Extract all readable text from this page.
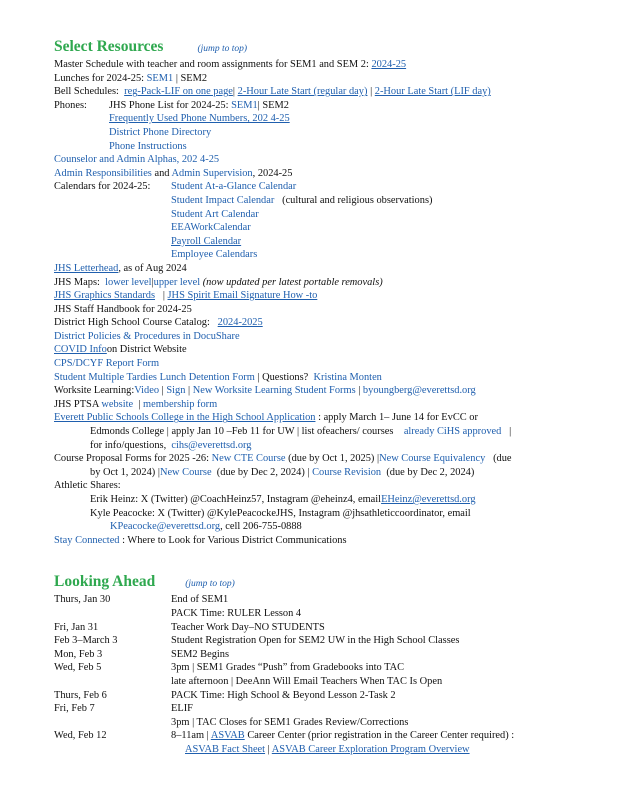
Select Resources	(jump to top)
Master Schedule with teacher and room assignments for SEM1 and SEM 2: 2024-25
Lunches for 2024-25: SEM1 | SEM2
Bell Schedules: reg-Pack-LIF on one page| 2-Hour Late Start (regular day) | 2-Hour Late Start (LIF day)
Phones:	JHS Phone List for 2024-25: SEM1| SEM2
Frequently Used Phone Numbers, 202 4-25
District Phone Directory
Phone Instructions
Counselor and Admin Alphas, 202 4-25
Admin Responsibilities and Admin Supervision, 2024-25
Calendars for 2024-25:	Student At-a-Glance Calendar
Student Impact Calendar (cultural and religious observations)
Student Art Calendar
EEAWorkCalendar
Payroll Calendar
Employee Calendars
JHS Letterhead, as of Aug 2024
JHS Maps: lower level|upper level (now updated per latest portable removals)
JHS Graphics Standards | JHS Spirit Email Signature How -to
JHS Staff Handbook for 2024-25
District High School Course Catalog: 2024-2025
District Policies & Procedures in DocuShare
COVID Infoon District Website
CPS/DCYF Report Form
Student Multiple Tardies Lunch Detention Form | Questions? Kristina Monten
Worksite Learning:Video | Sign | New Worksite Learning Student Forms | byoungberg@everettsd.org
JHS PTSA website | membership form
Everett Public Schools College in the High School Application : apply March 1– June 14 for EvCC or
Edmonds College | apply Jan 10 –Feb 11 for UW | list ofeachers/ courses already CiHS approved |
for info/questions, cihs@everettsd.org
Course Proposal Forms for 2025 -26: New CTE Course (due by Oct 1, 2025) |New Course Equivalency (due
by Oct 1, 2024) |New Course (due by Dec 2, 2024) | Course Revision (due by Dec 2, 2024)
Athletic Shares:
Erik Heinz: X (Twitter) @CoachHeinz57, Instagram @eheinz4, emailEHeinz@everettsd.org
Kyle Peacocke: X (Twitter) @KylePeacockeJHS, Instagram @jhsathleticcoordinator, email
KPeacocke@everettsd.org, cell 206-755-0888
Stay Connected : Where to Look for Various District Communications
Looking Ahead	(jump to top)
Thurs, Jan 30	End of SEM1
PACK Time: RULER Lesson 4
Fri, Jan 31	Teacher Work Day–NO STUDENTS
Feb 3–March 3	Student Registration Open for SEM2 UW in the High School Classes
Mon, Feb 3	SEM2 Begins
Wed, Feb 5	3pm | SEM1 Grades “Push” from Gradebooks into TAC
late afternoon | DeeAnn Will Email Teachers When TAC Is Open
Thurs, Feb 6	PACK Time: High School & Beyond Lesson 2-Task 2
Fri, Feb 7	ELIF
3pm | TAC Closes for SEM1 Grades Review/Corrections
Wed, Feb 12	8–11am | ASVAB Career Center (prior registration in the Career Center required) :
ASVAB Fact Sheet | ASVAB Career Exploration Program Overview
